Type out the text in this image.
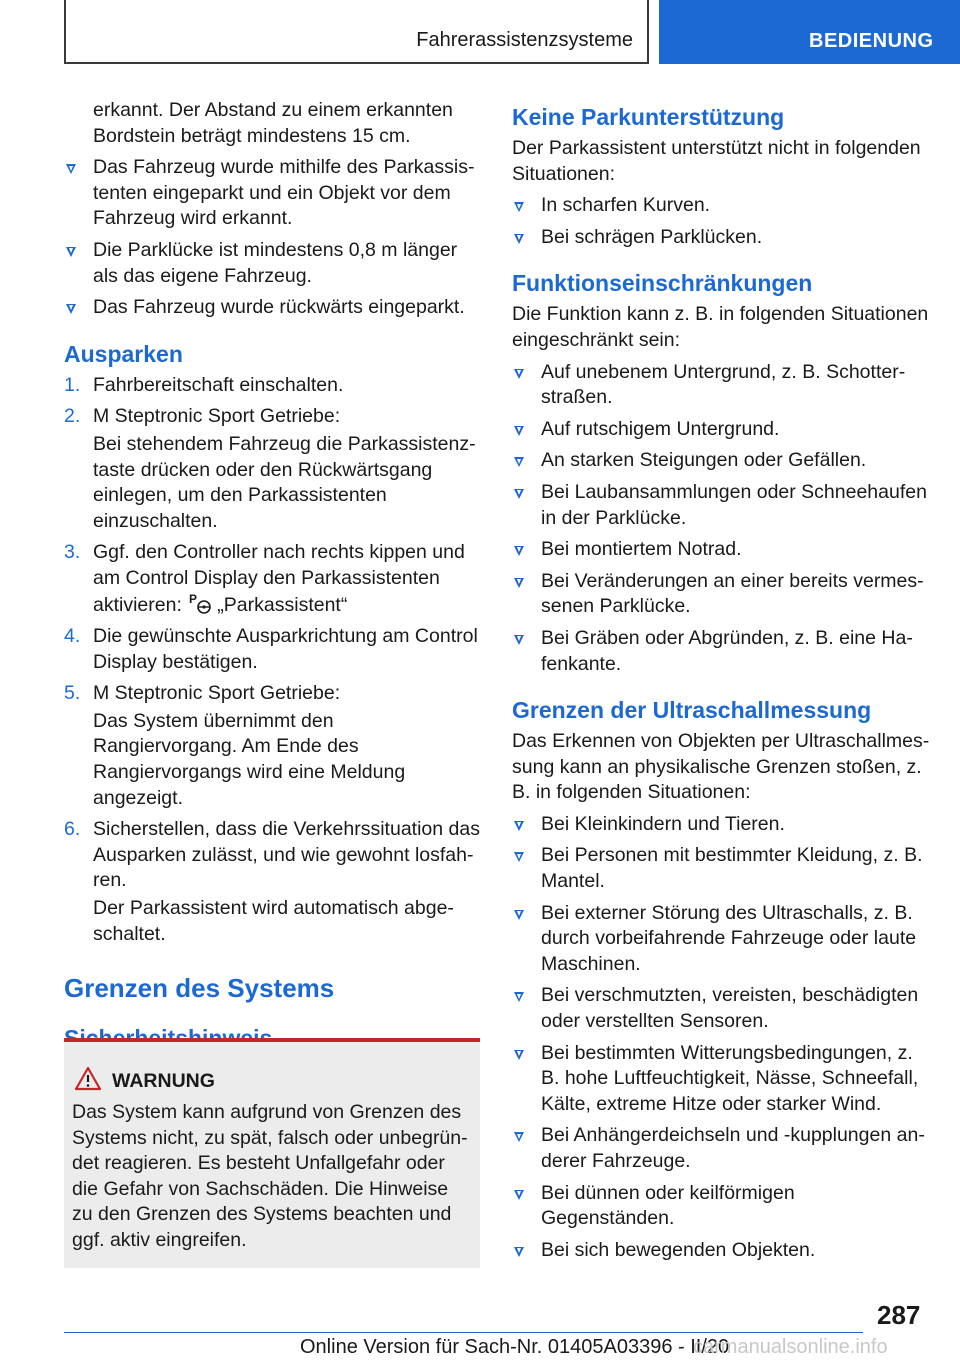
Fahrerassistenzsysteme	BEDIENUNG

erkannt. Der Abstand zu einem erkannten Bordstein beträgt mindestens 15 cm.

Das Fahrzeug wurde mithilfe des Parkassistenten eingeparkt und ein Objekt vor dem Fahrzeug wird erkannt.
Die Parklücke ist mindestens 0,8 m länger als das eigene Fahrzeug.
Das Fahrzeug wurde rückwärts eingeparkt.
Ausparken
1. Fahrbereitschaft einschalten.
2. M Steptronic Sport Getriebe:
Bei stehendem Fahrzeug die Parkassistenztaste drücken oder den Rückwärtsgang einlegen, um den Parkassistenten einzuschalten.
3. Ggf. den Controller nach rechts kippen und am Control Display den Parkassistenten aktivieren: P „Parkassistent“
4. Die gewünschte Ausparkrichtung am Control Display bestätigen.
5. M Steptronic Sport Getriebe:
Das System übernimmt den Rangiervorgang. Am Ende des Rangiervorgangs wird eine Meldung angezeigt.
6. Sicherstellen, dass die Verkehrssituation das Ausparken zulässt, und wie gewohnt losfahren.
Der Parkassistent wird automatisch abgeschaltet.
Grenzen des Systems
WARNUNG
Das System kann aufgrund von Grenzen des Systems nicht, zu spät, falsch oder unbegründet reagieren. Es besteht Unfallgefahr oder die Gefahr von Sachschäden. Die Hinweise zu den Grenzen des Systems beachten und ggf. aktiv eingreifen.
Keine Parkunterstützung

Der Parkassistent unterstützt nicht in folgenden Situationen:

In scharfen Kurven.
Bei schrägen Parklücken.
Funktionseinschränkungen

Die Funktion kann z. B. in folgenden Situationen eingeschränkt sein:

Auf unebenem Untergrund, z. B. Schotterstraßen.
Auf rutschigem Untergrund.
An starken Steigungen oder Gefällen.
Bei Laubansammlungen oder Schneehaufen in der Parklücke.
Bei montiertem Notrad.
Bei Veränderungen an einer bereits vermessenen Parklücke.
Bei Gräben oder Abgründen, z. B. eine Hafenkante.
Grenzen der Ultraschallmessung

Das Erkennen von Objekten per Ultraschallmessung kann an physikalische Grenzen stoßen, z. B. in folgenden Situationen:

Bei Kleinkindern und Tieren.
Bei Personen mit bestimmter Kleidung, z. B. Mantel.
Bei externer Störung des Ultraschalls, z. B. durch vorbeifahrende Fahrzeuge oder laute Maschinen.
Bei verschmutzten, vereisten, beschädigten oder verstellten Sensoren.
Bei bestimmten Witterungsbedingungen, z. B. hohe Luftfeuchtigkeit, Nässe, Schneefall, Kälte, extreme Hitze oder starker Wind.
Bei Anhängerdeichseln und -kupplungen anderer Fahrzeuge.
Bei dünnen oder keilförmigen Gegenständen.
Bei sich bewegenden Objekten.
287
Online Version für Sach-Nr. 01405A03396 - II/20
carmanualsonline.info
